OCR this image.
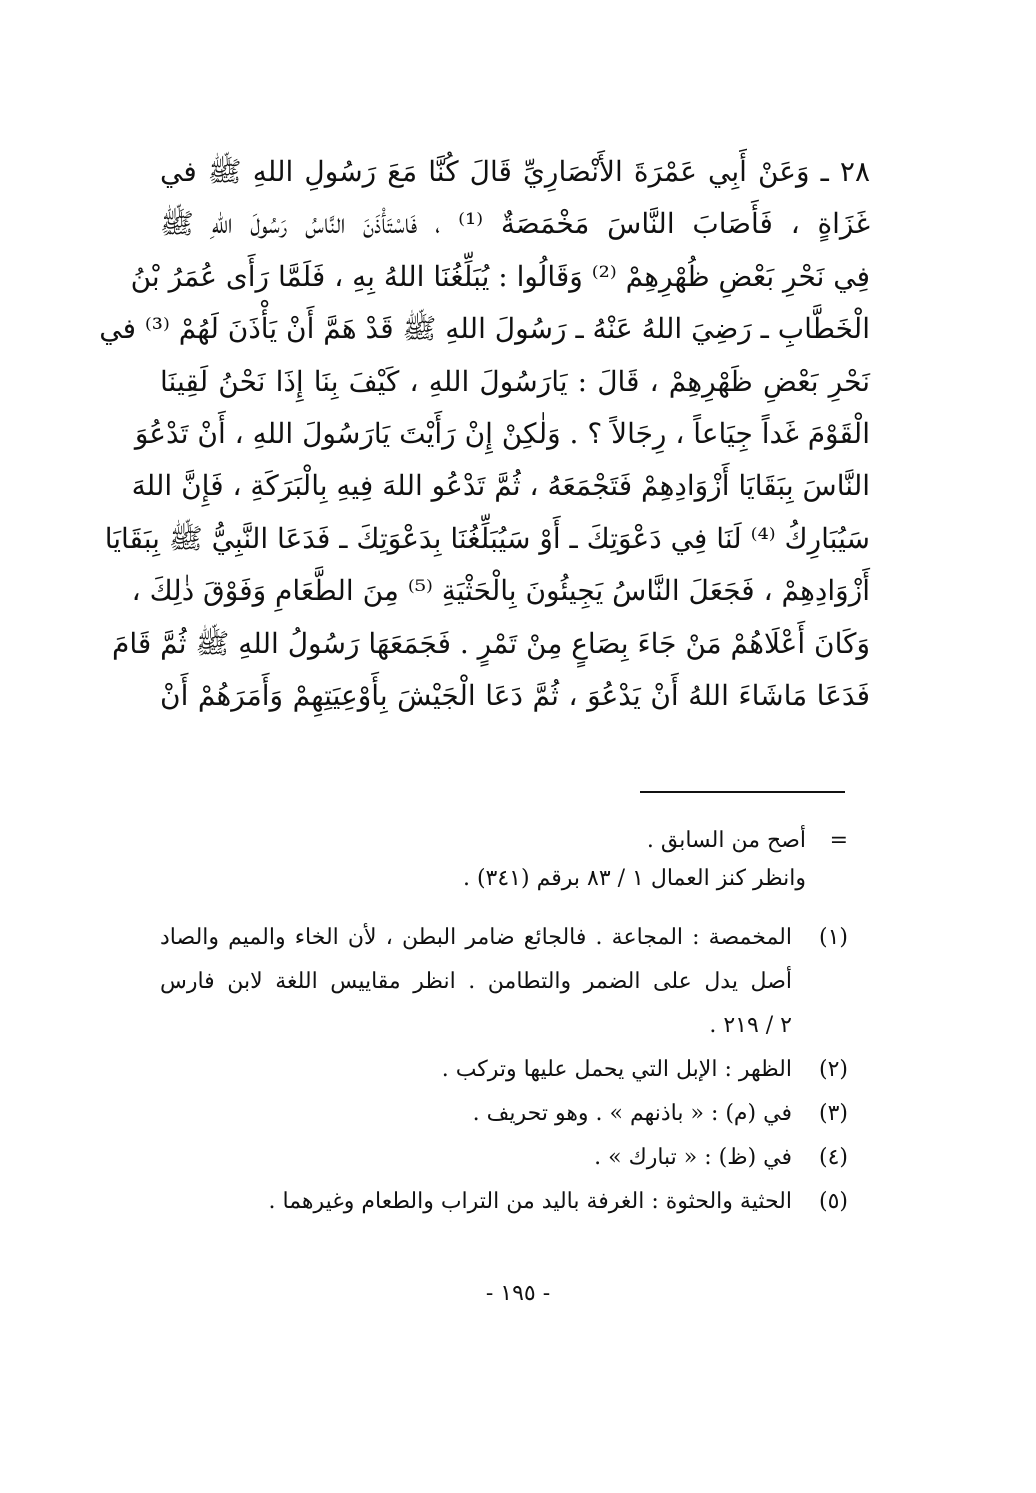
٢٨ ـ وَعَنْ أَبِي عَمْرَةَ الأَنْصَارِيِّ قَالَ كُنَّا مَعَ رَسُولِ اللهِ ﷺ في
غَزَاةٍ ، فَأَصَابَ النَّاسَ مَخْمَصَةٌ ⁽¹⁾ ، فَاسْتَأْذَنَ النَّاسُ رَسُولَ اللهِ ﷺ
فِي نَحْرِ بَعْضِ ظُهْرِهِمْ ⁽²⁾ وَقَالُوا : يُبَلِّغُنَا اللهُ بِهِ ، فَلَمَّا رَأَى عُمَرُ بْنُ
الْخَطَّابِ ـ رَضِيَ اللهُ عَنْهُ ـ رَسُولَ اللهِ ﷺ قَدْ هَمَّ أَنْ يَأْذَنَ لَهُمْ ⁽³⁾ في
نَحْرِ بَعْضِ ظَهْرِهِمْ ، قَالَ : يَارَسُولَ اللهِ ، كَيْفَ بِنَا إِذَا نَحْنُ لَقِينَا
الْقَوْمَ غَداً جِيَاعاً ، رِجَالاً ؟ . وَلٰكِنْ إِنْ رَأَيْتَ يَارَسُولَ اللهِ ، أَنْ تَدْعُوَ
النَّاسَ بِبَقَايَا أَزْوَادِهِمْ فَتَجْمَعَهُ ، ثُمَّ تَدْعُو اللهَ فِيهِ بِالْبَرَكَةِ ، فَإِنَّ اللهَ
سَيُبَارِكُ ⁽⁴⁾ لَنَا فِي دَعْوَتِكَ ـ أَوْ سَيُبَلِّغُنَا بِدَعْوَتِكَ ـ فَدَعَا النَّبِيُّ ﷺ بِبَقَايَا
أَزْوَادِهِمْ ، فَجَعَلَ النَّاسُ يَجِيئُونَ بِالْحَثْيَةِ ⁽⁵⁾ مِنَ الطَّعَامِ وَفَوْقَ ذٰلِكَ ،
وَكَانَ أَعْلَاهُمْ مَنْ جَاءَ بِصَاعٍ مِنْ تَمْرٍ . فَجَمَعَهَا رَسُولُ اللهِ ﷺ ثُمَّ قَامَ
فَدَعَا مَاشَاءَ اللهُ أَنْ يَدْعُوَ ، ثُمَّ دَعَا الْجَيْشَ بِأَوْعِيَتِهِمْ وَأَمَرَهُمْ أَنْ
=أصح من السابق .
وانظر كنز العمال ١ / ٨٣ برقم (٣٤١) .
(١)
المخمصة : المجاعة . فالجائع ضامر البطن ، لأن الخاء والميم والصاد
أصل يدل على الضمر والتطامن . انظر مقاييس اللغة لابن فارس
٢ / ٢١٩ .
(٢)
الظهر : الإبل التي يحمل عليها وتركب .
(٣)
في (م) : « باذنهم » . وهو تحريف .
(٤)
في (ظ) : « تبارك » .
(٥)
الحثية والحثوة : الغرفة باليد من التراب والطعام وغيرهما .
- ١٩٥ -
